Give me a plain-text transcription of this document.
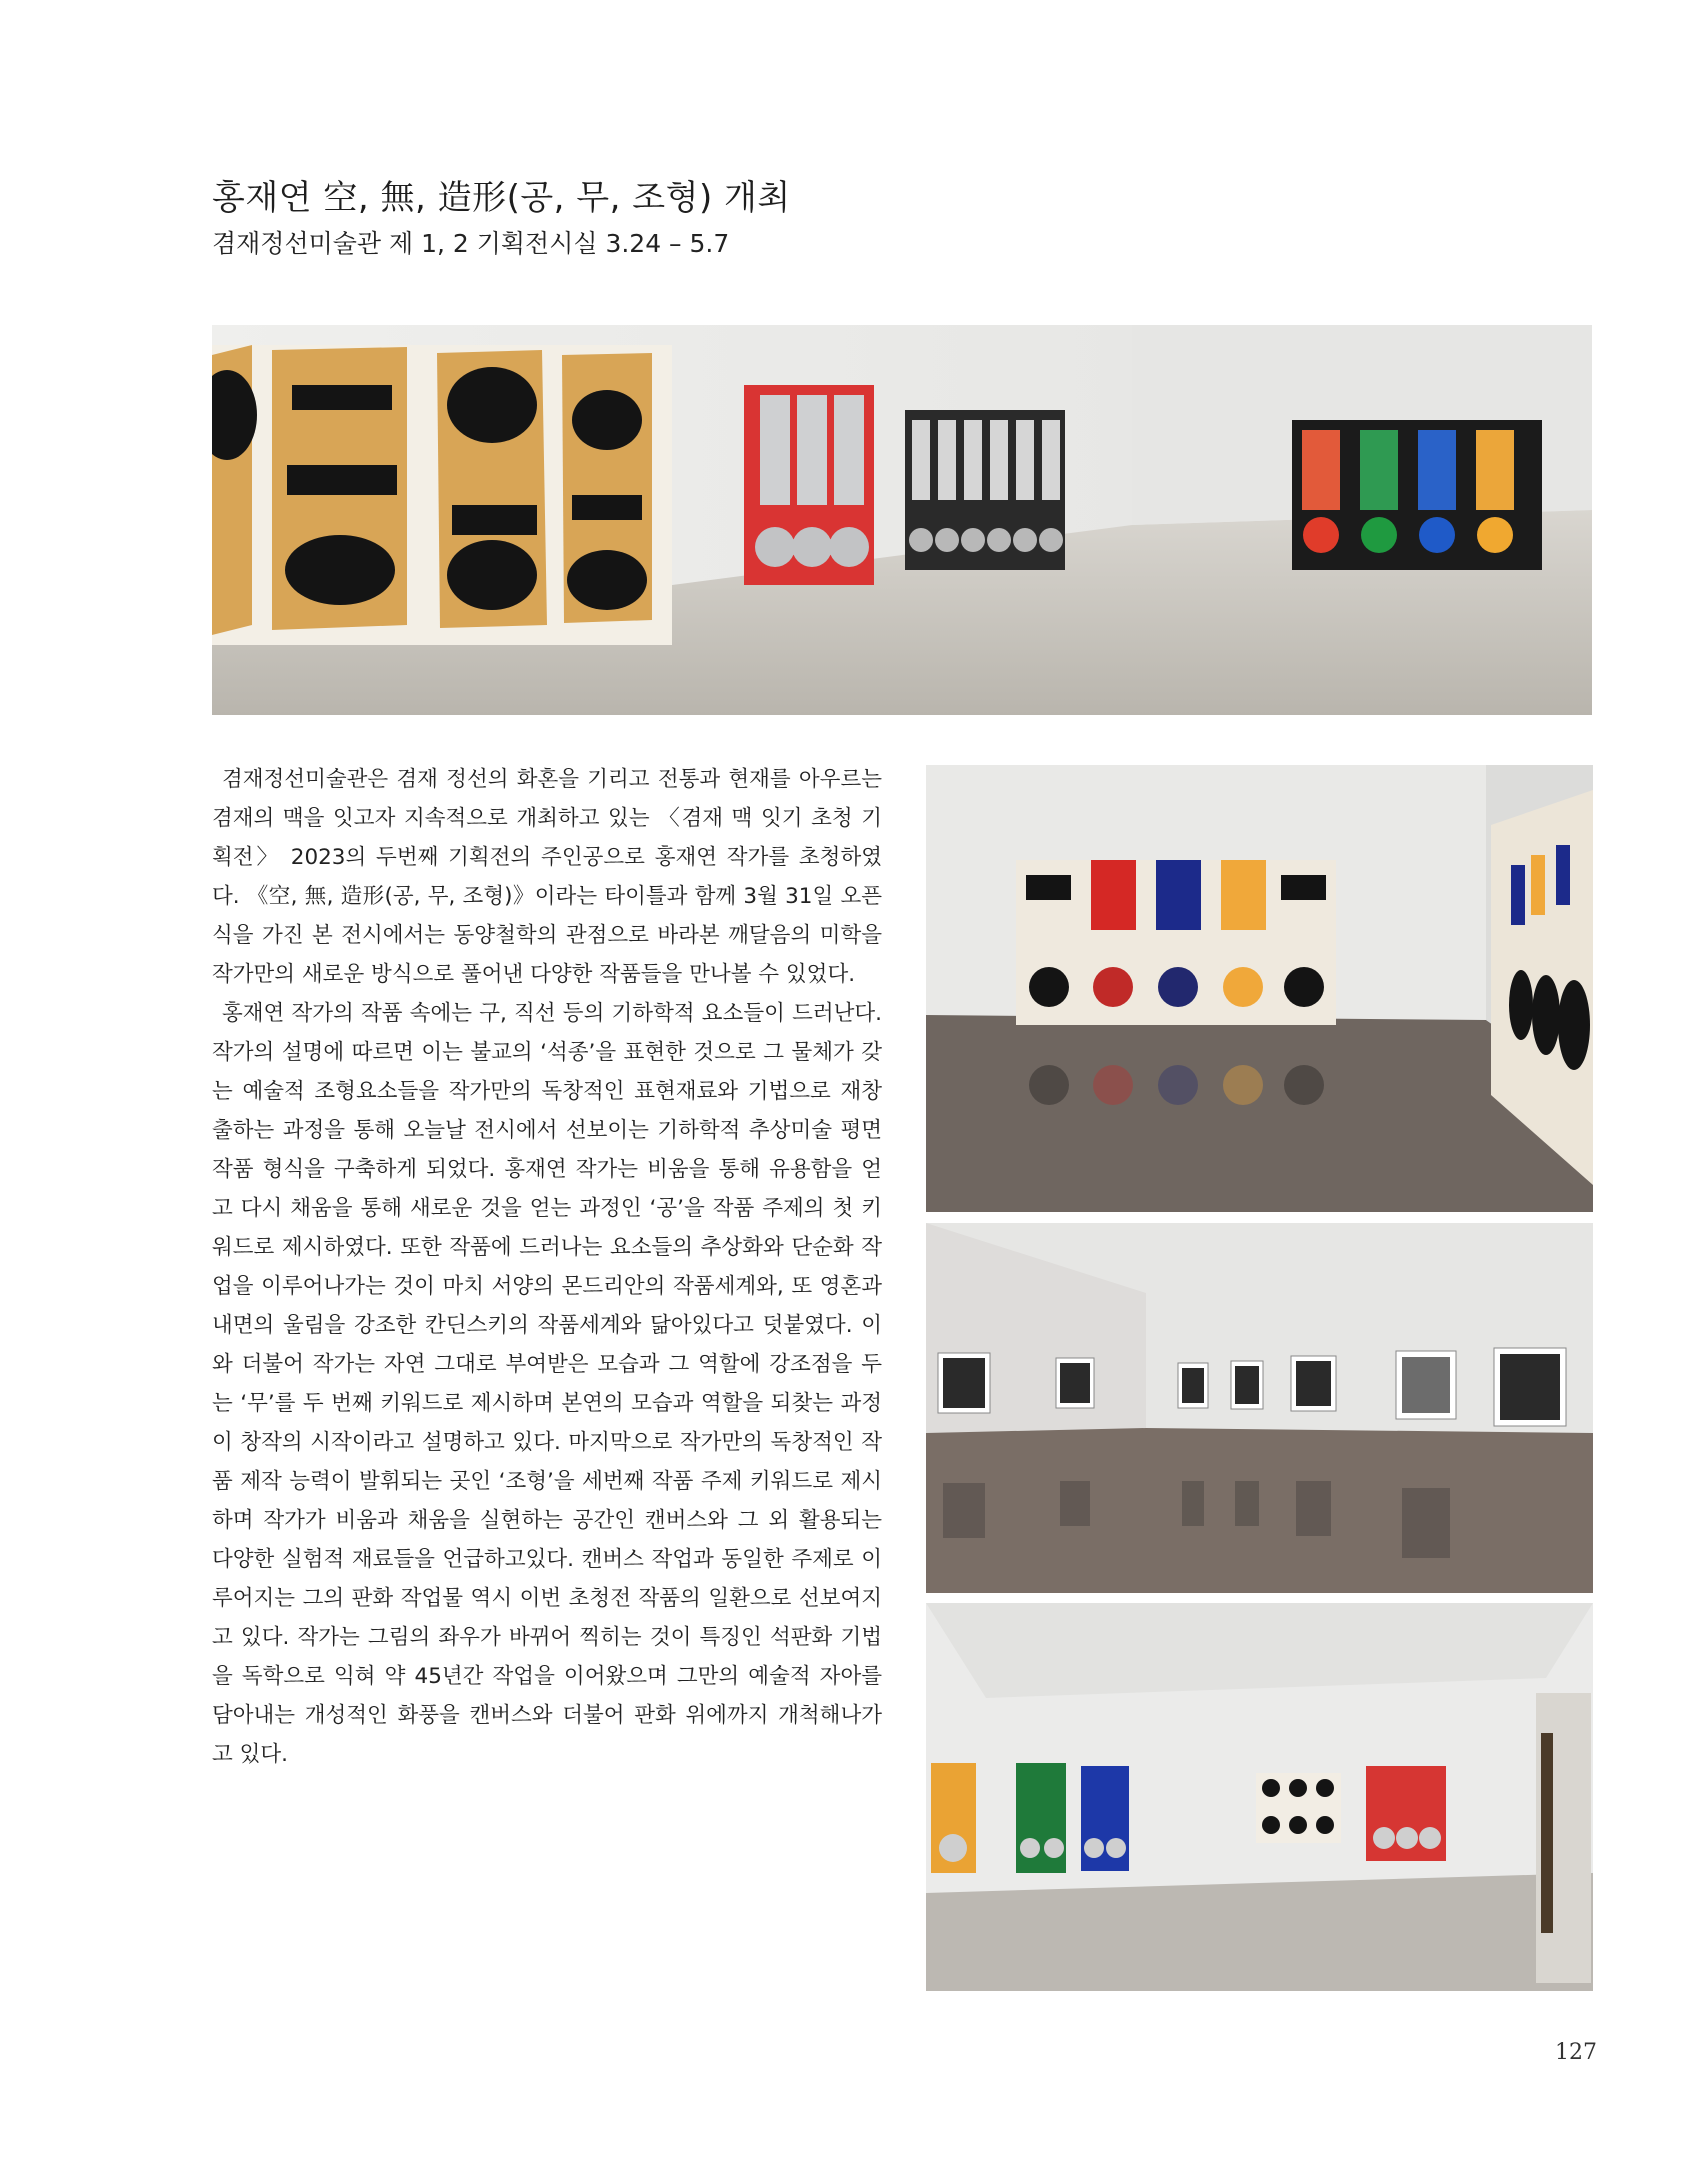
홍재연 空, 無, 造形(공, 무, 조형) 개최
겸재정선미술관 제 1, 2 기획전시실 3.24 – 5.7

겸재정선미술관은 겸재 정선의 화혼을 기리고 전통과 현재를 아우르는 겸재의 맥을 잇고자 지속적으로 개최하고 있는 〈겸재 맥 잇기 초청 기획전〉 2023의 두번째 기획전의 주인공으로 홍재연 작가를 초청하였다. 《空, 無, 造形(공, 무, 조형)》이라는 타이틀과 함께 3월 31일 오픈식을 가진 본 전시에서는 동양철학의 관점으로 바라본 깨달음의 미학을 작가만의 새로운 방식으로 풀어낸 다양한 작품들을 만나볼 수 있었다.

홍재연 작가의 작품 속에는 구, 직선 등의 기하학적 요소들이 드러난다. 작가의 설명에 따르면 이는 불교의 ‘석종’을 표현한 것으로 그 물체가 갖는 예술적 조형요소들을 작가만의 독창적인 표현재료와 기법으로 재창출하는 과정을 통해 오늘날 전시에서 선보이는 기하학적 추상미술 평면작품 형식을 구축하게 되었다. 홍재연 작가는 비움을 통해 유용함을 얻고 다시 채움을 통해 새로운 것을 얻는 과정인 ‘공’을 작품 주제의 첫 키워드로 제시하였다. 또한 작품에 드러나는 요소들의 추상화와 단순화 작업을 이루어나가는 것이 마치 서양의 몬드리안의 작품세계와, 또 영혼과 내면의 울림을 강조한 칸딘스키의 작품세계와 닮아있다고 덧붙였다. 이와 더불어 작가는 자연 그대로 부여받은 모습과 그 역할에 강조점을 두는 ‘무’를 두 번째 키워드로 제시하며 본연의 모습과 역할을 되찾는 과정이 창작의 시작이라고 설명하고 있다. 마지막으로 작가만의 독창적인 작품 제작 능력이 발휘되는 곳인 ‘조형’을 세번째 작품 주제 키워드로 제시하며 작가가 비움과 채움을 실현하는 공간인 캔버스와 그 외 활용되는 다양한 실험적 재료들을 언급하고있다. 캔버스 작업과 동일한 주제로 이루어지는 그의 판화 작업물 역시 이번 초청전 작품의 일환으로 선보여지고 있다. 작가는 그림의 좌우가 바뀌어 찍히는 것이 특징인 석판화 기법을 독학으로 익혀 약 45년간 작업을 이어왔으며 그만의 예술적 자아를 담아내는 개성적인 화풍을 캔버스와 더불어 판화 위에까지 개척해나가고 있다.

127
